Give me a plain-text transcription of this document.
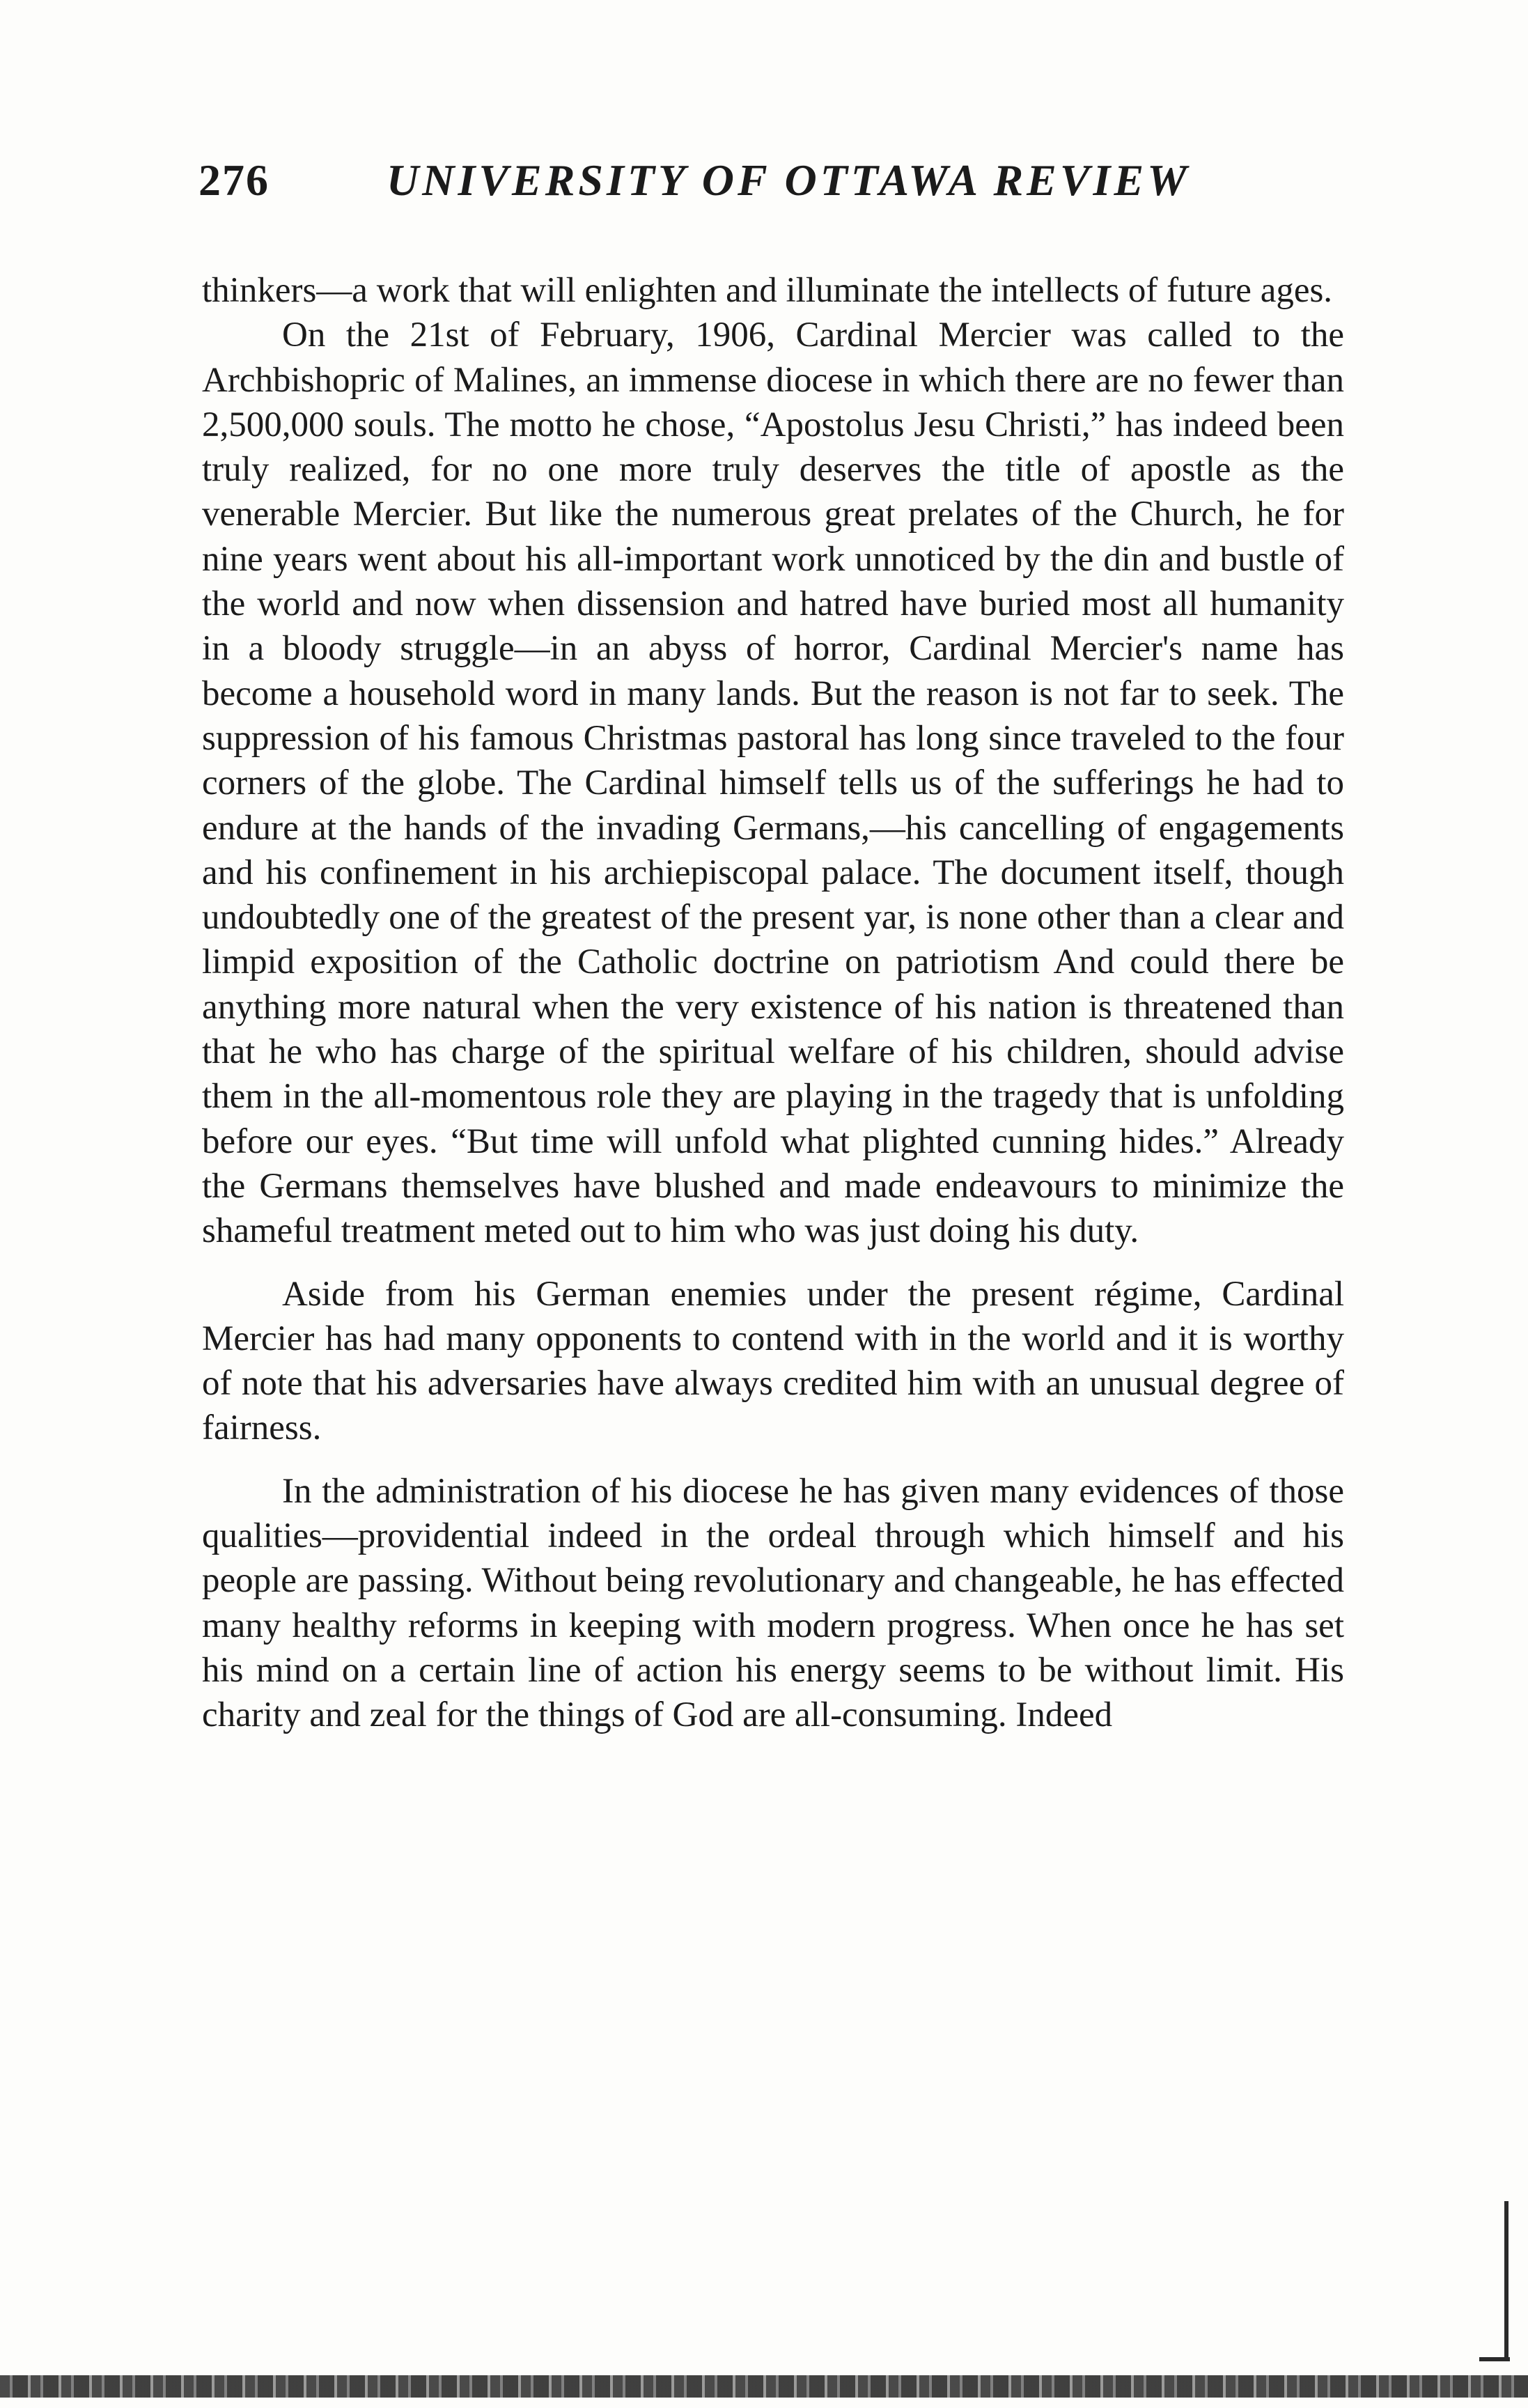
276	UNIVERSITY OF OTTAWA REVIEW

thinkers—a work that will enlighten and illuminate the intellects of future ages.

On the 21st of February, 1906, Cardinal Mercier was called to the Archbishopric of Malines, an immense diocese in which there are no fewer than 2,500,000 souls. The motto he chose, “Apostolus Jesu Christi,” has indeed been truly realized, for no one more truly deserves the title of apostle as the venerable Mercier. But like the numerous great prelates of the Church, he for nine years went about his all-important work unnoticed by the din and bustle of the world and now when dissension and hatred have buried most all humanity in a bloody struggle—in an abyss of horror, Cardinal Mercier's name has become a household word in many lands. But the reason is not far to seek. The suppression of his famous Christmas pastoral has long since traveled to the four corners of the globe. The Cardinal himself tells us of the sufferings he had to endure at the hands of the invading Germans,—his cancelling of engagements and his confinement in his archiepiscopal palace. The document itself, though undoubtedly one of the greatest of the present yar, is none other than a clear and limpid exposition of the Catholic doctrine on patriotism And could there be anything more natural when the very existence of his nation is threatened than that he who has charge of the spiritual welfare of his children, should advise them in the all-momentous role they are playing in the tragedy that is unfolding before our eyes. “But time will unfold what plighted cunning hides.” Already the Germans themselves have blushed and made endeavours to minimize the shameful treatment meted out to him who was just doing his duty.

Aside from his German enemies under the present régime, Cardinal Mercier has had many opponents to contend with in the world and it is worthy of note that his adversaries have always credited him with an unusual degree of fairness.

In the administration of his diocese he has given many evidences of those qualities—providential indeed in the ordeal through which himself and his people are passing. Without being revolutionary and changeable, he has effected many healthy reforms in keeping with modern progress. When once he has set his mind on a certain line of action his energy seems to be without limit. His charity and zeal for the things of God are all-consuming. Indeed
